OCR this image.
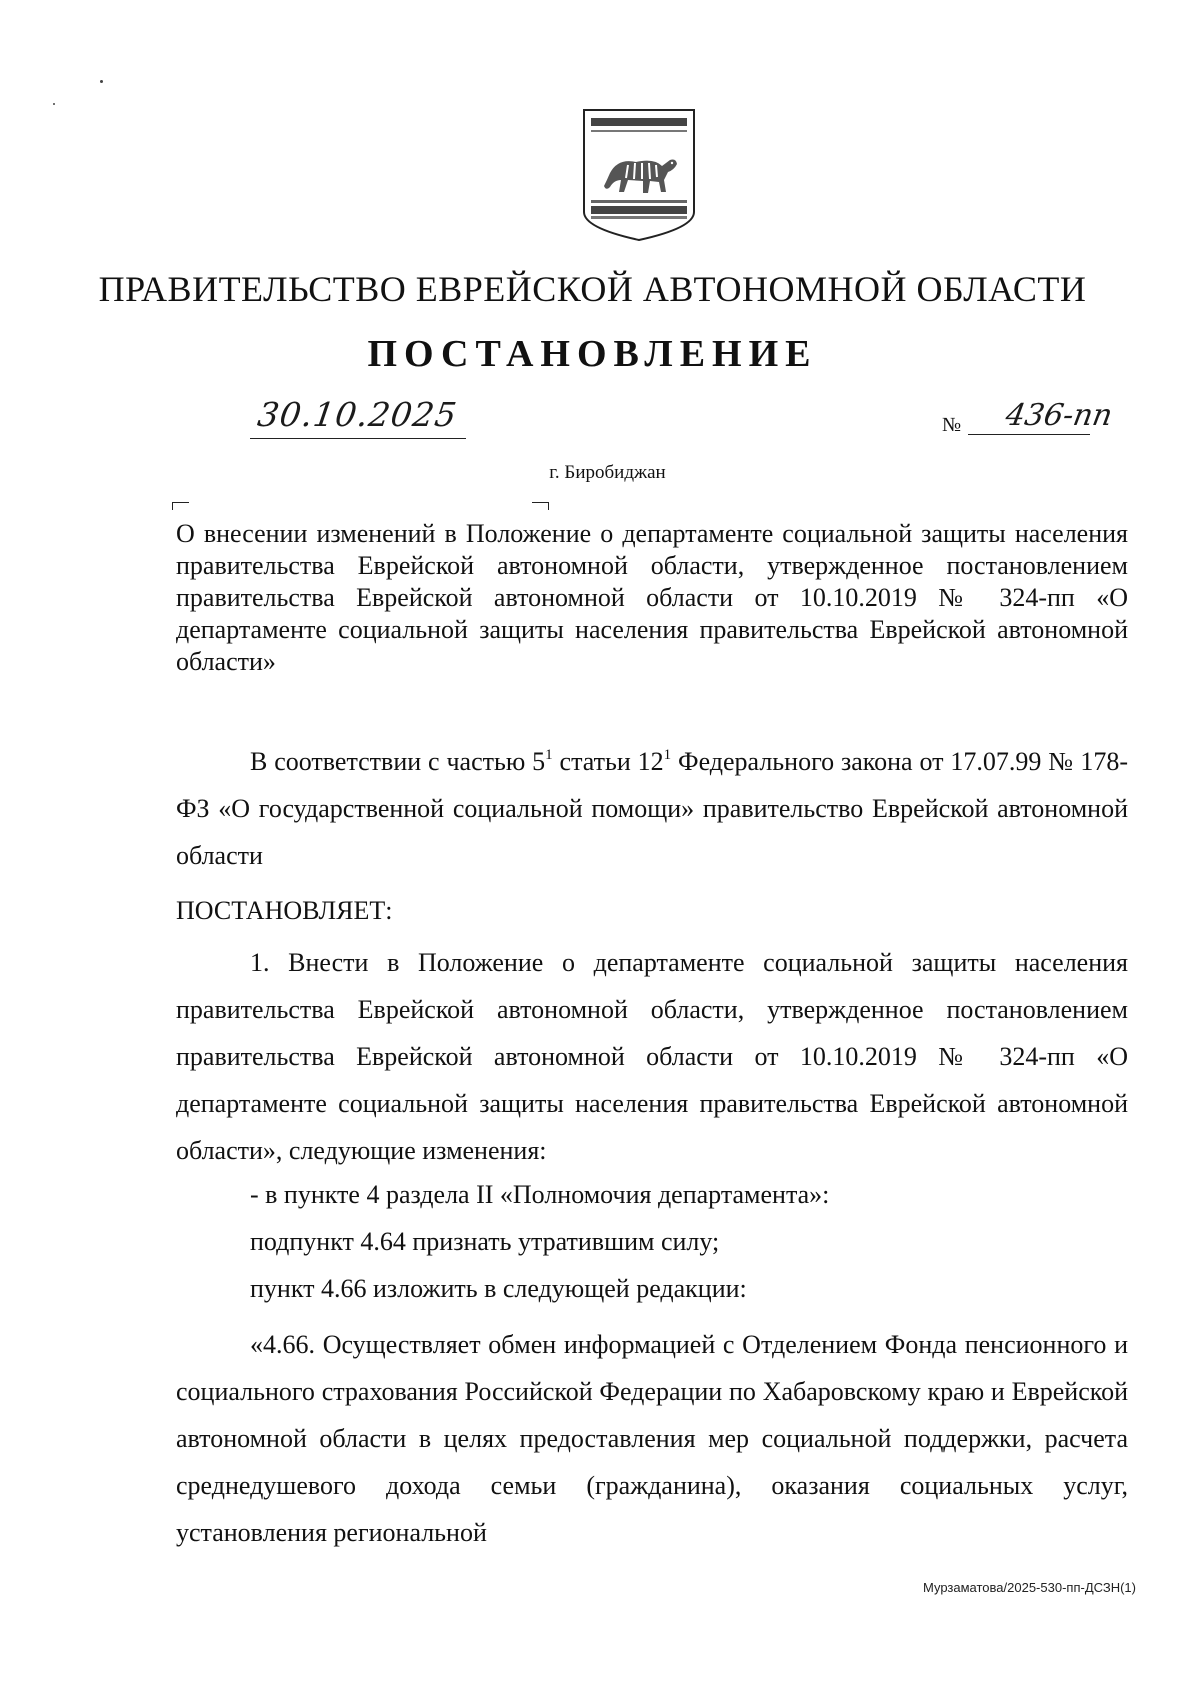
ПРАВИТЕЛЬСТВО ЕВРЕЙСКОЙ АВТОНОМНОЙ ОБЛАСТИ
ПОСТАНОВЛЕНИЕ
30.10.2025	№ 436-пп
г. Биробиджан
О внесении изменений в Положение о департаменте социальной защиты населения правительства Еврейской автономной области, утвержденное постановлением правительства Еврейской автономной области от 10.10.2019 № 324-пп «О департаменте социальной защиты населения правительства Еврейской автономной области»
В соответствии с частью $5^1$ статьи $12^1$ Федерального закона от 17.07.99 № 178-ФЗ «О государственной социальной помощи» правительство Еврейской автономной области
ПОСТАНОВЛЯЕТ:
1. Внести в Положение о департаменте социальной защиты населения правительства Еврейской автономной области, утвержденное постановлением правительства Еврейской автономной области от 10.10.2019 № 324-пп «О департаменте социальной защиты населения правительства Еврейской автономной области», следующие изменения:
- в пункте 4 раздела II «Полномочия департамента»:
подпункт 4.64 признать утратившим силу;
пункт 4.66 изложить в следующей редакции:
«4.66. Осуществляет обмен информацией с Отделением Фонда пенсионного и социального страхования Российской Федерации по Хабаровскому краю и Еврейской автономной области в целях предоставления мер социальной поддержки, расчета среднедушевого дохода семьи (гражданина), оказания социальных услуг, установления региональной
Мурзаматова/2025-530-пп-ДСЗН(1)
